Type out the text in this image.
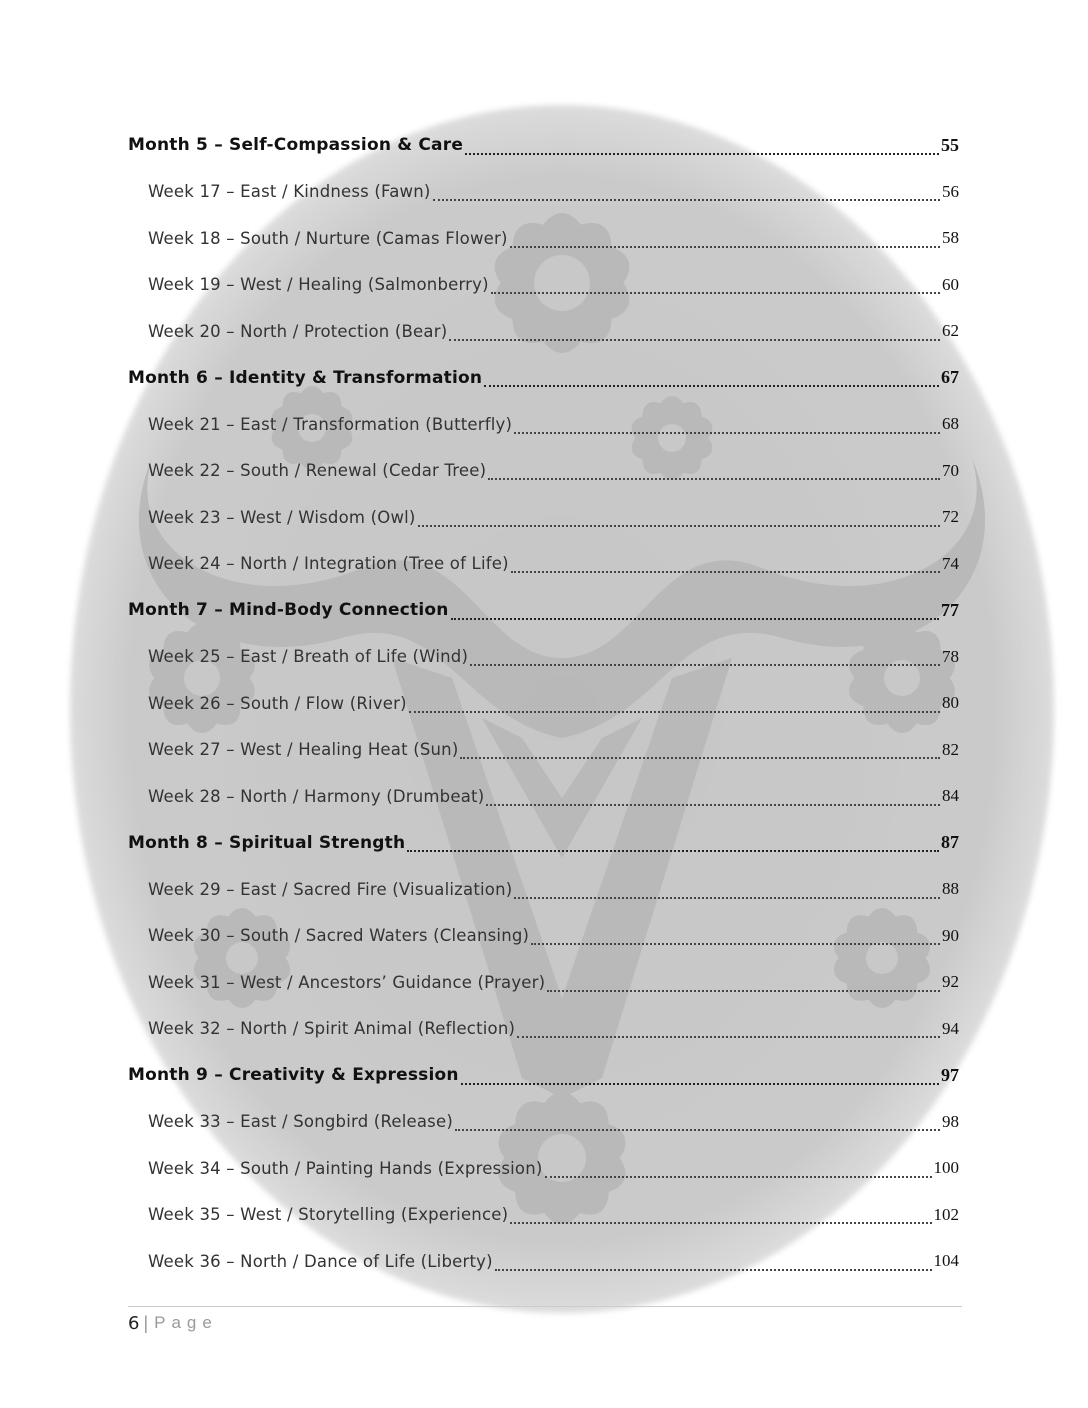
Month 5 – Self-Compassion & Care	55
Week 17 – East / Kindness (Fawn)	56
Week 18 – South / Nurture (Camas Flower)	58
Week 19 – West / Healing (Salmonberry)	60
Week 20 – North / Protection (Bear)	62
Month 6 – Identity & Transformation	67
Week 21 – East / Transformation (Butterfly)	68
Week 22 – South / Renewal (Cedar Tree)	70
Week 23 – West / Wisdom (Owl)	72
Week 24 – North / Integration (Tree of Life)	74
Month 7 – Mind-Body Connection	77
Week 25 – East / Breath of Life (Wind)	78
Week 26 – South / Flow (River)	80
Week 27 – West / Healing Heat (Sun)	82
Week 28 – North / Harmony (Drumbeat)	84
Month 8 – Spiritual Strength	87
Week 29 – East / Sacred Fire (Visualization)	88
Week 30 – South / Sacred Waters (Cleansing)	90
Week 31 – West / Ancestors’ Guidance (Prayer)	92
Week 32 – North / Spirit Animal (Reflection)	94
Month 9 – Creativity & Expression	97
Week 33 – East / Songbird (Release)	98
Week 34 – South / Painting Hands (Expression)	100
Week 35 – West / Storytelling (Experience)	102
Week 36 – North / Dance of Life (Liberty)	104
6 | Page
